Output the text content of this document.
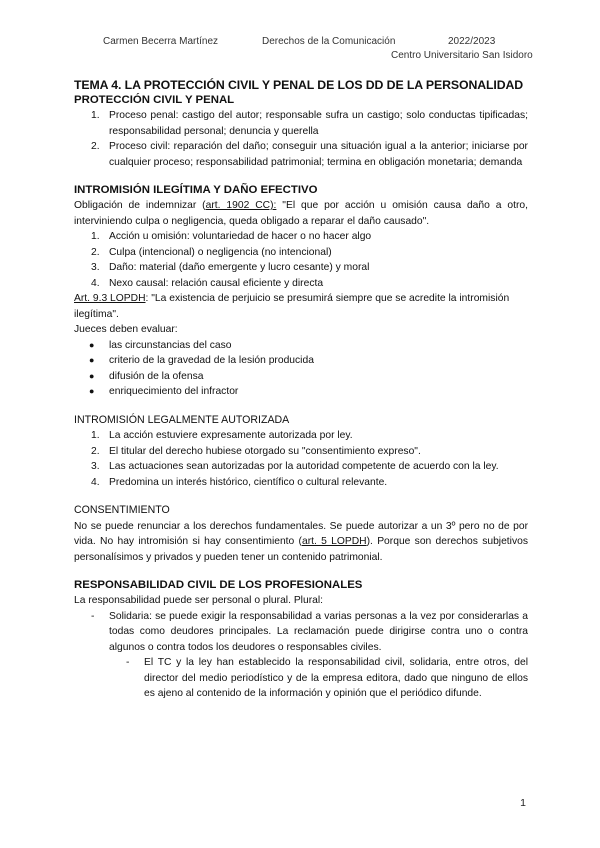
Carmen Becerra Martínez	Derechos de la Comunicación	2022/2023
Centro Universitario San Isidoro
TEMA 4. LA PROTECCIÓN CIVIL Y PENAL DE LOS DD DE LA PERSONALIDAD
PROTECCIÓN CIVIL Y PENAL
1. Proceso penal: castigo del autor; responsable sufra un castigo; solo conductas tipificadas; responsabilidad personal; denuncia y querella
2. Proceso civil: reparación del daño; conseguir una situación igual a la anterior; iniciarse por cualquier proceso; responsabilidad patrimonial; termina en obligación monetaria; demanda
INTROMISIÓN ILEGÍTIMA Y DAÑO EFECTIVO
Obligación de indemnizar (art. 1902 CC): "El que por acción u omisión causa daño a otro, interviniendo culpa o negligencia, queda obligado a reparar el daño causado".
1. Acción u omisión: voluntariedad de hacer o no hacer algo
2. Culpa (intencional) o negligencia (no intencional)
3. Daño: material (daño emergente y lucro cesante) y moral
4. Nexo causal: relación causal eficiente y directa
Art. 9.3 LOPDH: "La existencia de perjuicio se presumirá siempre que se acredite la intromisión ilegítima".
Jueces deben evaluar:
● las circunstancias del caso
● criterio de la gravedad de la lesión producida
● difusión de la ofensa
● enriquecimiento del infractor
INTROMISIÓN LEGALMENTE AUTORIZADA
1. La acción estuviere expresamente autorizada por ley.
2. El titular del derecho hubiese otorgado su "consentimiento expreso".
3. Las actuaciones sean autorizadas por la autoridad competente de acuerdo con la ley.
4. Predomina un interés histórico, científico o cultural relevante.
CONSENTIMIENTO
No se puede renunciar a los derechos fundamentales. Se puede autorizar a un 3º pero no de por vida. No hay intromisión si hay consentimiento (art. 5 LOPDH). Porque son derechos subjetivos personalísimos y privados y pueden tener un contenido patrimonial.
RESPONSABILIDAD CIVIL DE LOS PROFESIONALES
La responsabilidad puede ser personal o plural. Plural:
- Solidaria: se puede exigir la responsabilidad a varias personas a la vez por considerarlas a todas como deudores principales. La reclamación puede dirigirse contra uno o contra algunos o contra todos los deudores o responsables civiles.
- El TC y la ley han establecido la responsabilidad civil, solidaria, entre otros, del director del medio periodístico y de la empresa editora, dado que ninguno de ellos es ajeno al contenido de la información y opinión que el periódico difunde.
1
